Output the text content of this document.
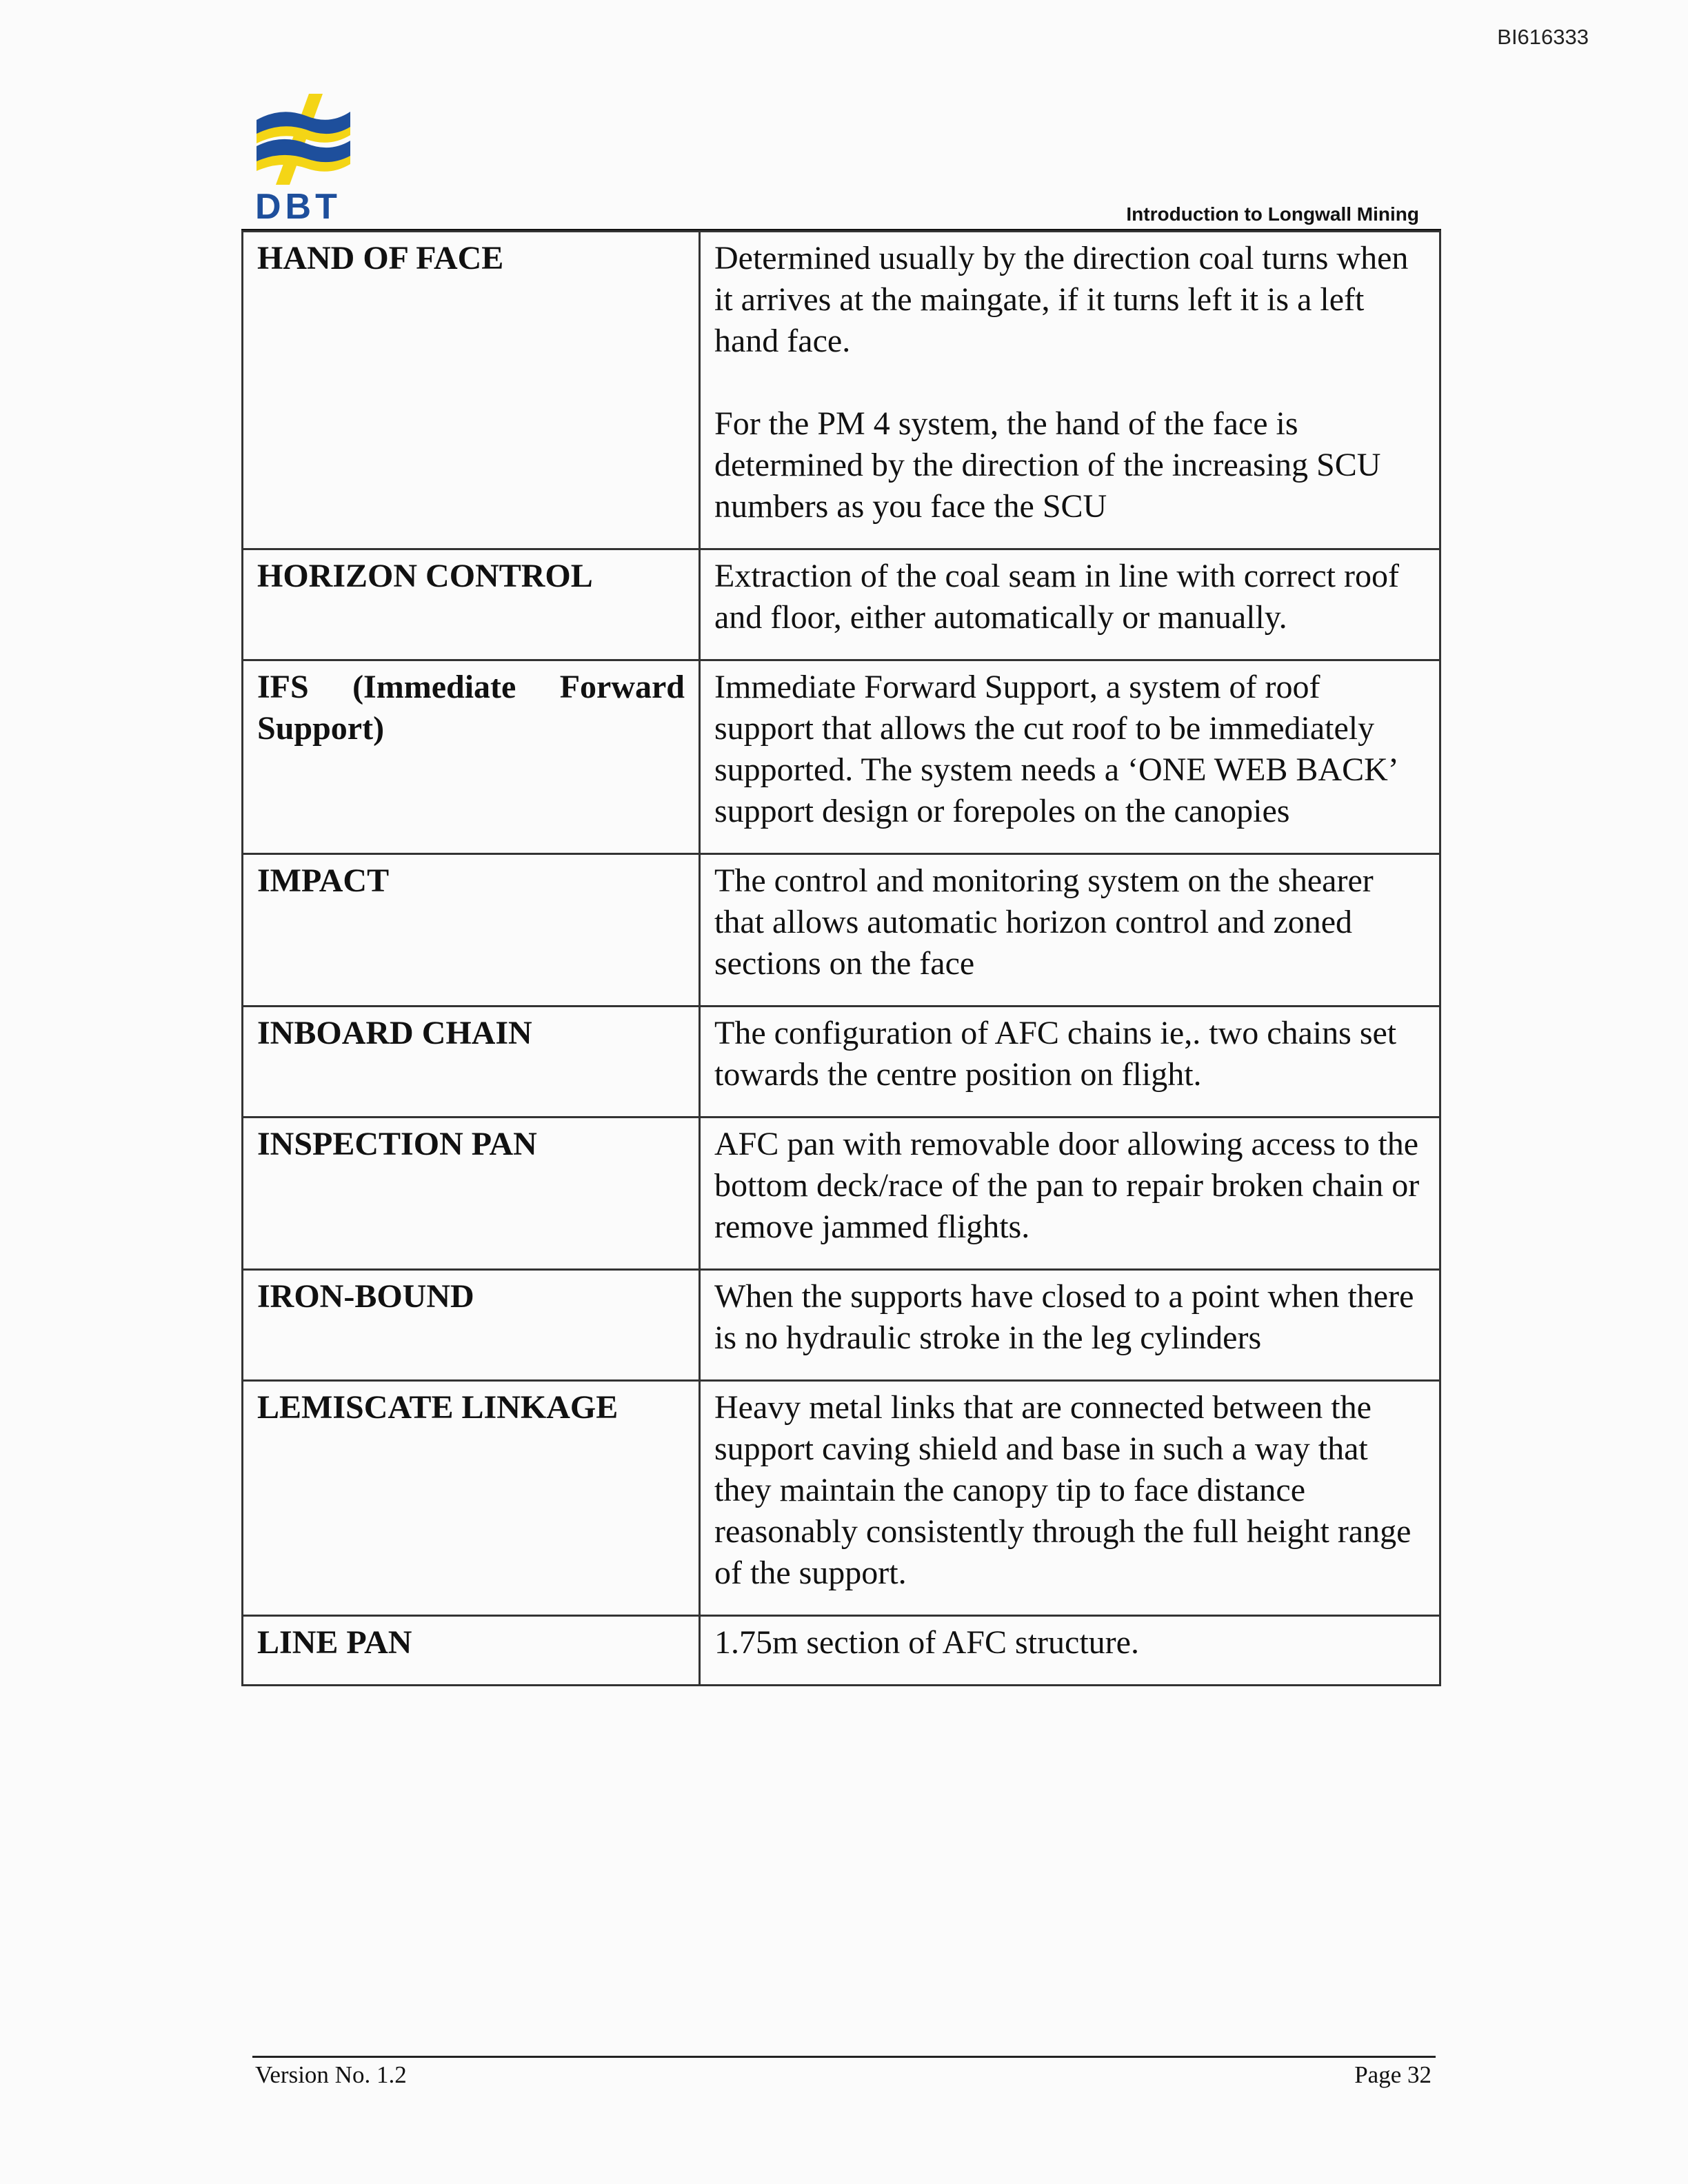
BI616333
DBT	Introduction to Longwall Mining
HAND OF FACE	Determined usually by the direction coal turns when it arrives at the maingate, if it turns left it is a left hand face.

For the PM 4 system, the hand of the face is determined by the direction of the increasing SCU numbers as you face the SCU

HORIZON CONTROL	Extraction of the coal seam in line with correct roof and floor, either automatically or manually.

IFS (Immediate Forward Support)	Immediate Forward Support, a system of roof support that allows the cut roof to be immediately supported. The system needs a ‘ONE WEB BACK’ support design or forepoles on the canopies

IMPACT	The control and monitoring system on the shearer that allows automatic horizon control and zoned sections on the face

INBOARD CHAIN	The configuration of AFC chains ie,. two chains set towards the centre position on flight.

INSPECTION PAN	AFC pan with removable door allowing access to the bottom deck/race of the pan to repair broken chain or remove jammed flights.

IRON-BOUND	When the supports have closed to a point when there is no hydraulic stroke in the leg cylinders

LEMISCATE LINKAGE	Heavy metal links that are connected between the support caving shield and base in such a way that they maintain the canopy tip to face distance reasonably consistently through the full height range of the support.

LINE PAN	1.75m section of AFC structure.

Version No. 1.2	Page 32
